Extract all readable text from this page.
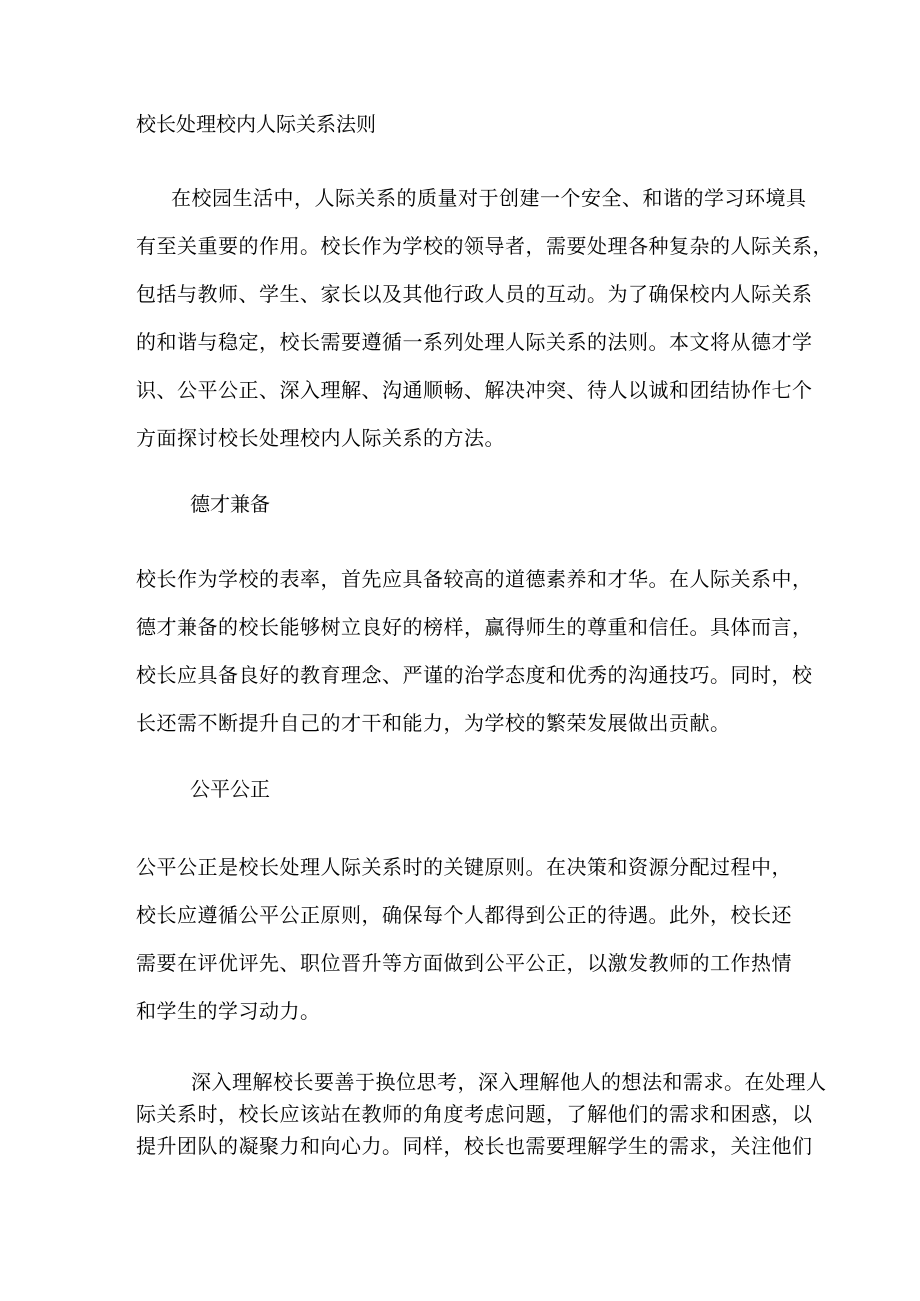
校长处理校内人际关系法则
在校园生活中，人际关系的质量对于创建一个安全、和谐的学习环境具
有至关重要的作用。校长作为学校的领导者，需要处理各种复杂的人际关系，
包括与教师、学生、家长以及其他行政人员的互动。为了确保校内人际关系
的和谐与稳定，校长需要遵循一系列处理人际关系的法则。本文将从德才学
识、公平公正、深入理解、沟通顺畅、解决冲突、待人以诚和团结协作七个
方面探讨校长处理校内人际关系的方法。
德才兼备
校长作为学校的表率，首先应具备较高的道德素养和才华。在人际关系中，
德才兼备的校长能够树立良好的榜样，赢得师生的尊重和信任。具体而言，
校长应具备良好的教育理念、严谨的治学态度和优秀的沟通技巧。同时，校
长还需不断提升自己的才干和能力，为学校的繁荣发展做出贡献。
公平公正
公平公正是校长处理人际关系时的关键原则。在决策和资源分配过程中，
校长应遵循公平公正原则，确保每个人都得到公正的待遇。此外，校长还
需要在评优评先、职位晋升等方面做到公平公正，以激发教师的工作热情
和学生的学习动力。
深入理解校长要善于换位思考，深入理解他人的想法和需求。在处理人
际关系时，校长应该站在教师的角度考虑问题，了解他们的需求和困惑，以
提升团队的凝聚力和向心力。同样，校长也需要理解学生的需求，关注他们
